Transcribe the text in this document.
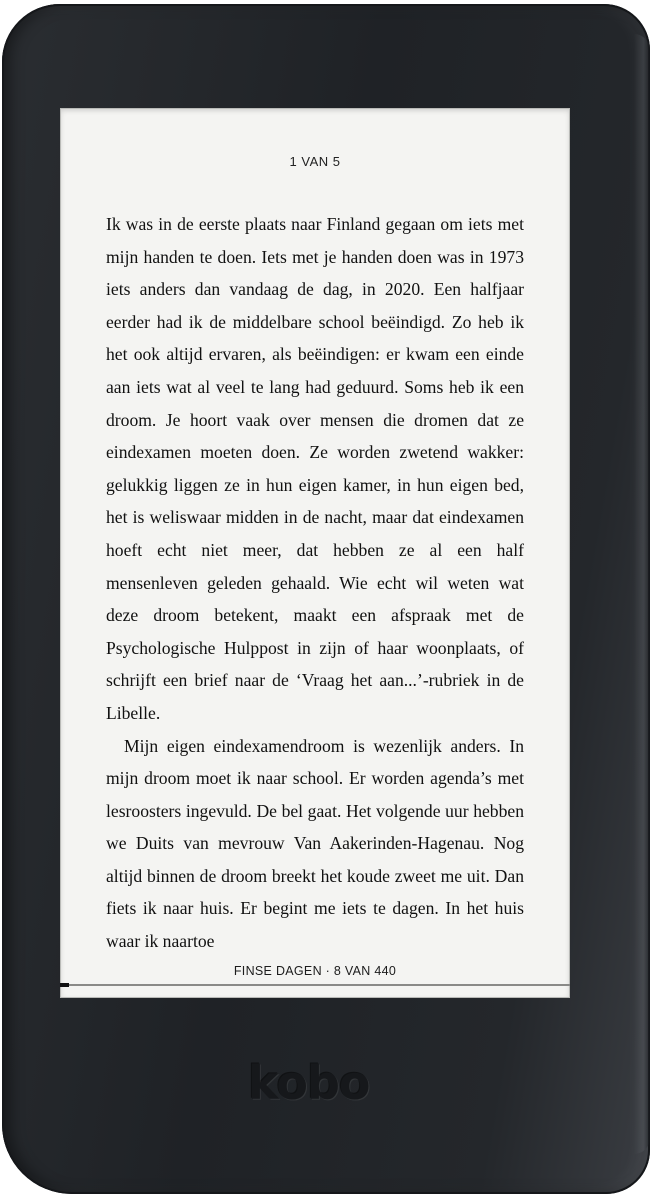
1 VAN 5

Ik was in de eerste plaats naar Finland gegaan om iets met mijn handen te doen. Iets met je handen doen was in 1973 iets anders dan vandaag de dag, in 2020. Een halfjaar eerder had ik de middelbare school beëindigd. Zo heb ik het ook altijd ervaren, als beëindigen: er kwam een einde aan iets wat al veel te lang had geduurd. Soms heb ik een droom. Je hoort vaak over mensen die dromen dat ze eindexamen moeten doen. Ze worden zwetend wakker: gelukkig liggen ze in hun eigen kamer, in hun eigen bed, het is weliswaar midden in de nacht, maar dat eindexamen hoeft echt niet meer, dat hebben ze al een half mensenleven geleden gehaald. Wie echt wil weten wat deze droom betekent, maakt een afspraak met de Psychologische Hulppost in zijn of haar woonplaats, of schrijft een brief naar de ‘Vraag het aan...’-rubriek in de Libelle.

Mijn eigen eindexamendroom is wezenlijk anders. In mijn droom moet ik naar school. Er worden agenda’s met lesroosters ingevuld. De bel gaat. Het volgende uur hebben we Duits van mevrouw Van Aakerinden-Hagenau. Nog altijd binnen de droom breekt het koude zweet me uit. Dan fiets ik naar huis. Er begint me iets te dagen. In het huis waar ik naartoe

FINSE DAGEN · 8 VAN 440
kobo
